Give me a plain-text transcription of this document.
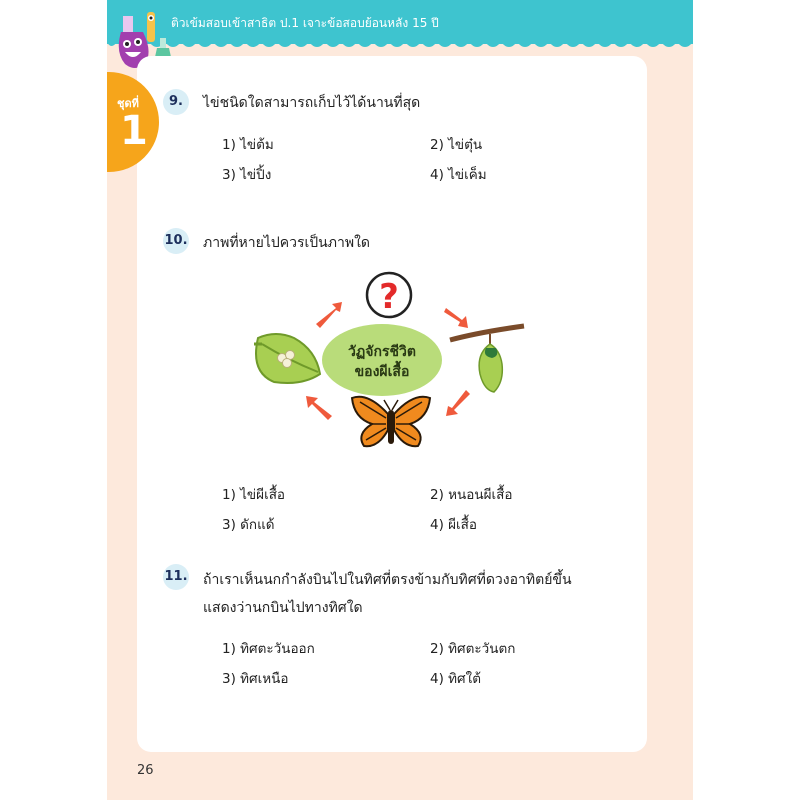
ติวเข้มสอบเข้าสาธิต ป.1 เจาะข้อสอบย้อนหลัง 15 ปี
ชุดที่
1
26
9.	ไข่ชนิดใดสามารถเก็บไว้ได้นานที่สุด
1) ไข่ต้ม	2) ไข่ตุ๋น
3) ไข่ปิ้ง	4) ไข่เค็ม
10. ภาพที่หายไปควรเป็นภาพใด
วัฏจักรชีวิต
ของผีเสื้อ
?
1) ไข่ผีเสื้อ	2) หนอนผีเสื้อ
3) ดักแด้	4) ผีเสื้อ
11. ถ้าเราเห็นนกกำลังบินไปในทิศที่ตรงข้ามกับทิศที่ดวงอาทิตย์ขึ้น
แสดงว่านกบินไปทางทิศใด
1) ทิศตะวันออก	2) ทิศตะวันตก
3) ทิศเหนือ	4) ทิศใต้
